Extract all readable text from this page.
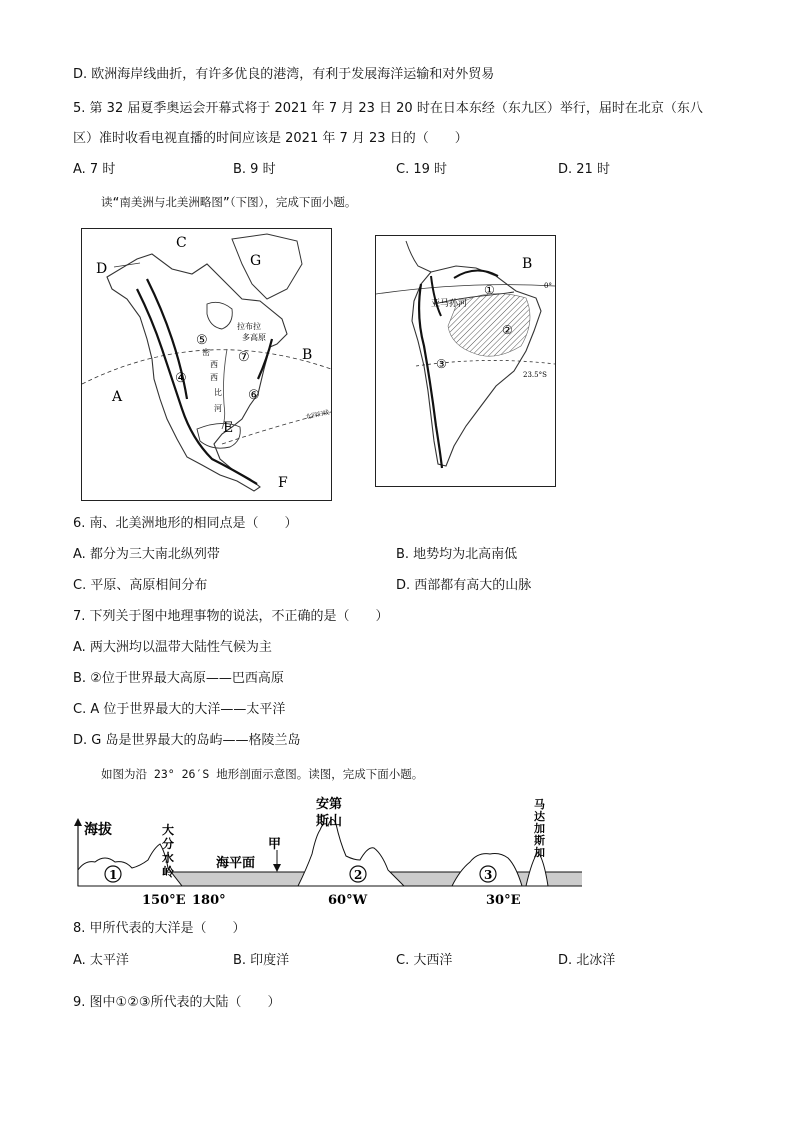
D. 欧洲海岸线曲折，有许多优良的港湾，有利于发展海洋运输和对外贸易
5. 第 32 届夏季奥运会开幕式将于 2021 年 7 月 23 日 20 时在日本东经（东九区）举行，届时在北京（东八
区）准时收看电视直播的时间应该是 2021 年 7 月 23 日的（　　）
A. 7 时	B. 9 时	C. 19 时	D. 21 时
读“南美洲与北美洲略图”（下图），完成下面小题。
C
D	G
A
B
E
F
⑤
④
⑦
⑥
拉布拉
多高原
密
西
西
比
河
北回归线
B
0°
23.5°S
亚马孙河
①
②
③
6. 南、北美洲地形的相同点是（　　）
A. 都分为三大南北纵列带	B. 地势均为北高南低
C. 平原、高原相间分布	D. 西部都有高大的山脉
7. 下列关于图中地理事物的说法，不正确的是（　　）
A. 两大洲均以温带大陆性气候为主
B. ②位于世界最大高原——巴西高原
C. A 位于世界最大的大洋——太平洋
D. G 岛是世界最大的岛屿——格陵兰岛
如图为沿 23° 26′S 地形剖面示意图。读图，完成下面小题。
1	2	3
海拔	大
分
水
岭
海平面
甲
安第
斯山
马
达
加
斯
加
150°E 180°	60°W	30°E
8. 甲所代表的大洋是（　　）
A. 太平洋	B. 印度洋	C. 大西洋	D. 北冰洋
9. 图中①②③所代表的大陆（　　）
